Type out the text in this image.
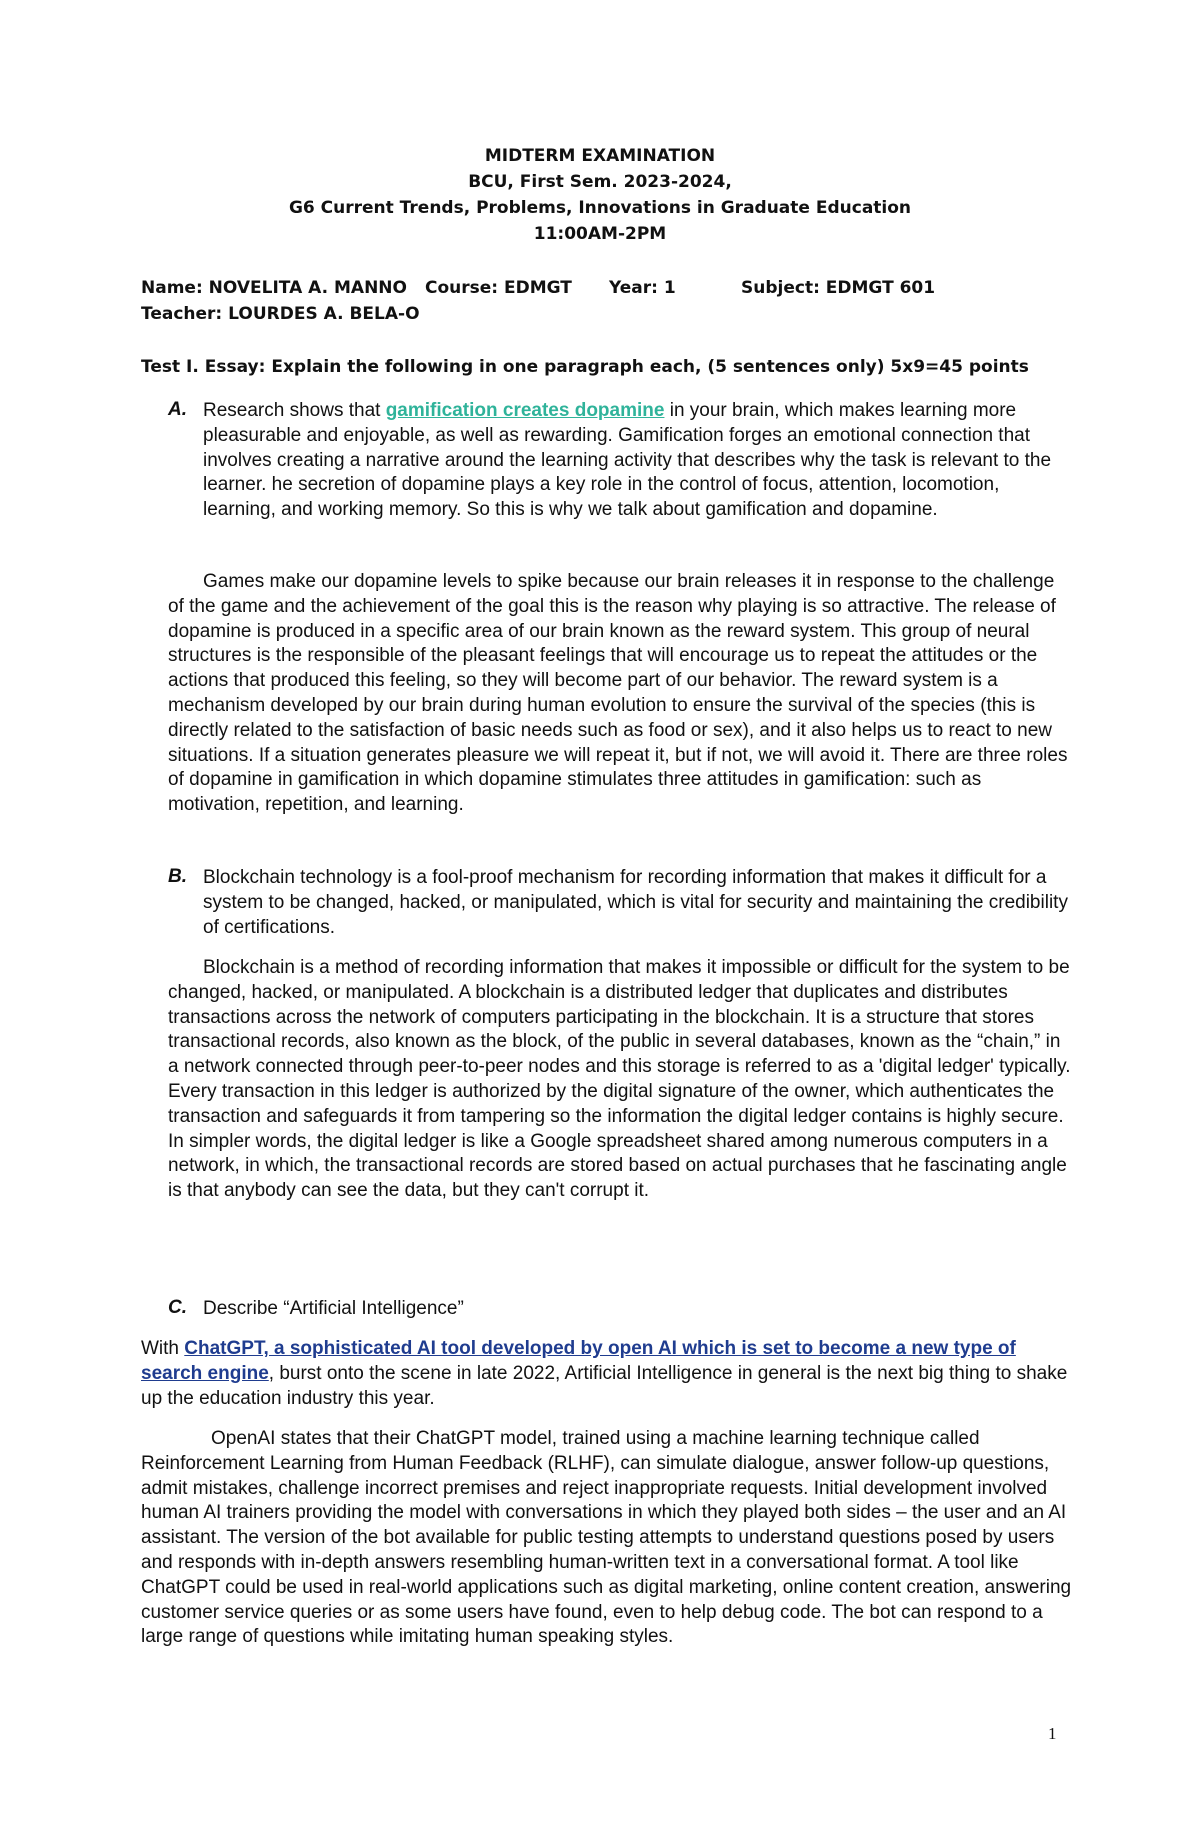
MIDTERM EXAMINATION
BCU, First Sem. 2023-2024,
G6 Current Trends, Problems, Innovations in Graduate Education
11:00AM-2PM
Name: NOVELITA A. MANNO Course: EDMGT Year: 1	Subject: EDMGT 601
Teacher: LOURDES A. BELA-O
Test I. Essay: Explain the following in one paragraph each, (5 sentences only) 5x9=45 points
A. Research shows that gamification creates dopamine in your brain, which makes learning more pleasurable and enjoyable, as well as rewarding. Gamification forges an emotional connection that involves creating a narrative around the learning activity that describes why the task is relevant to the learner. he secretion of dopamine plays a key role in the control of focus, attention, locomotion, learning, and working memory. So this is why we talk about gamification and dopamine.
Games make our dopamine levels to spike because our brain releases it in response to the challenge of the game and the achievement of the goal this is the reason why playing is so attractive. The release of dopamine is produced in a specific area of our brain known as the reward system. This group of neural structures is the responsible of the pleasant feelings that will encourage us to repeat the attitudes or the actions that produced this feeling, so they will become part of our behavior. The reward system is a mechanism developed by our brain during human evolution to ensure the survival of the species (this is directly related to the satisfaction of basic needs such as food or sex), and it also helps us to react to new situations. If a situation generates pleasure we will repeat it, but if not, we will avoid it. There are three roles of dopamine in gamification in which dopamine stimulates three attitudes in gamification: such as motivation, repetition, and learning.
B. Blockchain technology is a fool-proof mechanism for recording information that makes it difficult for a system to be changed, hacked, or manipulated, which is vital for security and maintaining the credibility of certifications.
Blockchain is a method of recording information that makes it impossible or difficult for the system to be changed, hacked, or manipulated. A blockchain is a distributed ledger that duplicates and distributes transactions across the network of computers participating in the blockchain. It is a structure that stores transactional records, also known as the block, of the public in several databases, known as the “chain,” in a network connected through peer-to-peer nodes and this storage is referred to as a 'digital ledger' typically. Every transaction in this ledger is authorized by the digital signature of the owner, which authenticates the transaction and safeguards it from tampering so the information the digital ledger contains is highly secure. In simpler words, the digital ledger is like a Google spreadsheet shared among numerous computers in a network, in which, the transactional records are stored based on actual purchases that he fascinating angle is that anybody can see the data, but they can't corrupt it.
C. Describe “Artificial Intelligence”
With ChatGPT, a sophisticated AI tool developed by open AI which is set to become a new type of search engine, burst onto the scene in late 2022, Artificial Intelligence in general is the next big thing to shake up the education industry this year.
OpenAI states that their ChatGPT model, trained using a machine learning technique called Reinforcement Learning from Human Feedback (RLHF), can simulate dialogue, answer follow-up questions, admit mistakes, challenge incorrect premises and reject inappropriate requests. Initial development involved human AI trainers providing the model with conversations in which they played both sides – the user and an AI assistant. The version of the bot available for public testing attempts to understand questions posed by users and responds with in-depth answers resembling human-written text in a conversational format. A tool like ChatGPT could be used in real-world applications such as digital marketing, online content creation, answering customer service queries or as some users have found, even to help debug code. The bot can respond to a large range of questions while imitating human speaking styles.
1
